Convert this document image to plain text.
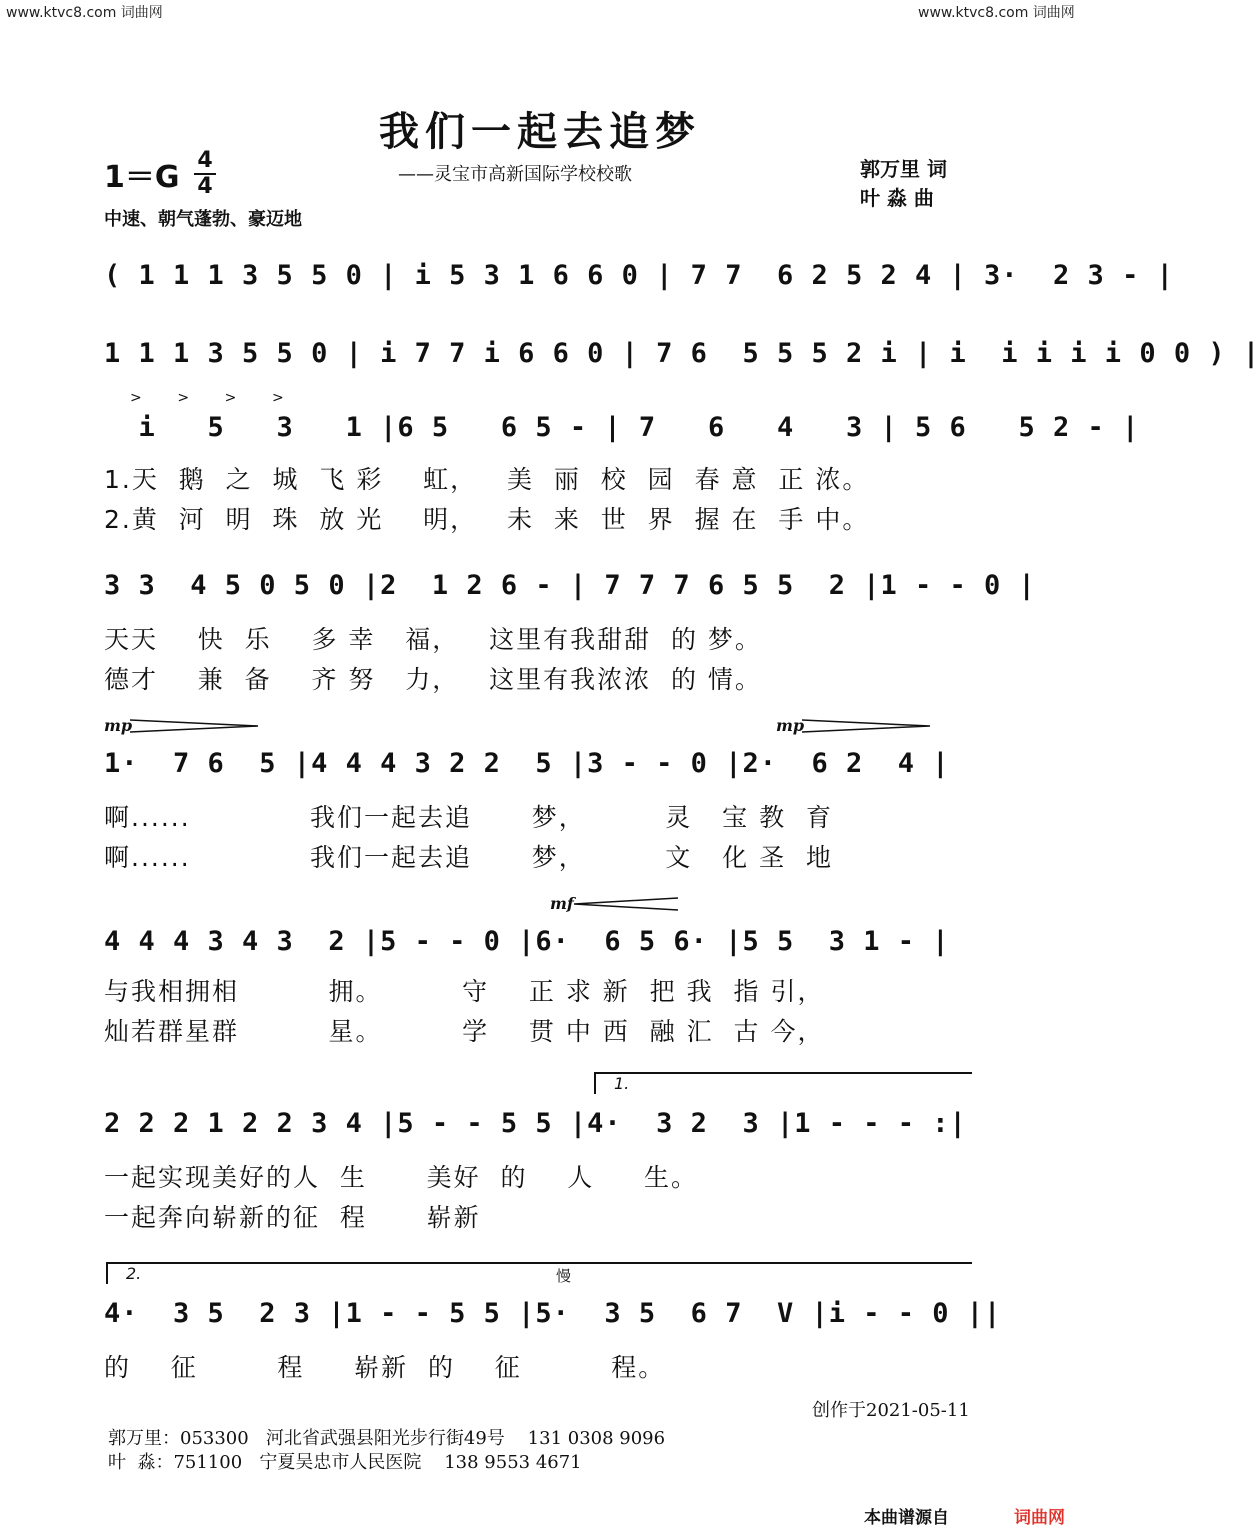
www.ktvc8.com 词曲网	www.ktvc8.com 词曲网
我们一起去追梦
——灵宝市高新国际学校校歌
1＝G 4
4
中速、朝气蓬勃、豪迈地
郭万里 词
叶 淼 曲
( 1 1 1 3 5 5 0 | i 5 3 1 6 6 0 | 7 7  6 2 5 2 4 | 3·  2 3 - |
1 1 1 3 5 5 0 | i 7 7 i 6 6 0 | 7 6  5 5 5 2 i | i  i i i i 0 0 ) |
>        >        >        >
i   5   3   1 |6 5   6 5 - | 7   6   4   3 | 5 6   5 2 - |
1.天  鹅  之  城  飞 彩    虹，   美  丽  校  园  春 意  正 浓。
2.黄  河  明  珠  放 光    明，   未  来  世  界  握 在  手 中。
3 3  4 5 0 5 0 |2  1 2 6 - | 7 7 7 6 5 5  2 |1 - - 0 |
天天    快  乐    多 幸   福，   这里有我甜甜  的 梦。
德才    兼  备    齐 努   力，   这里有我浓浓  的 情。
mp	mp
1·  7 6  5 |4 4 4 3 2 2  5 |3 - - 0 |2·  6 2  4 |
啊......            我们一起去追      梦，        灵   宝 教  育
啊......            我们一起去追      梦，        文   化 圣  地
mf
4 4 4 3 4 3  2 |5 - - 0 |6·  6 5 6· |5 5  3 1 - |
与我相拥相         拥。        守    正 求 新  把 我  指 引，
灿若群星群         星。        学    贯 中 西  融 汇  古 今，
1.
2 2 2 1 2 2 3 4 |5 - - 5 5 |4·  3 2  3 |1 - - - :|
一起实现美好的人  生      美好  的    人     生。
一起奔向崭新的征  程      崭新
2.	慢
4·  3 5  2 3 |1 - - 5 5 |5·  3 5  6 7  V |i - - 0 ||
的    征        程     崭新  的    征         程。
创作于2021-05-11
郭万里：053300   河北省武强县阳光步行街49号    131 0308 9096
叶  淼：751100   宁夏吴忠市人民医院    138 9553 4671
本曲谱源自	词曲网
